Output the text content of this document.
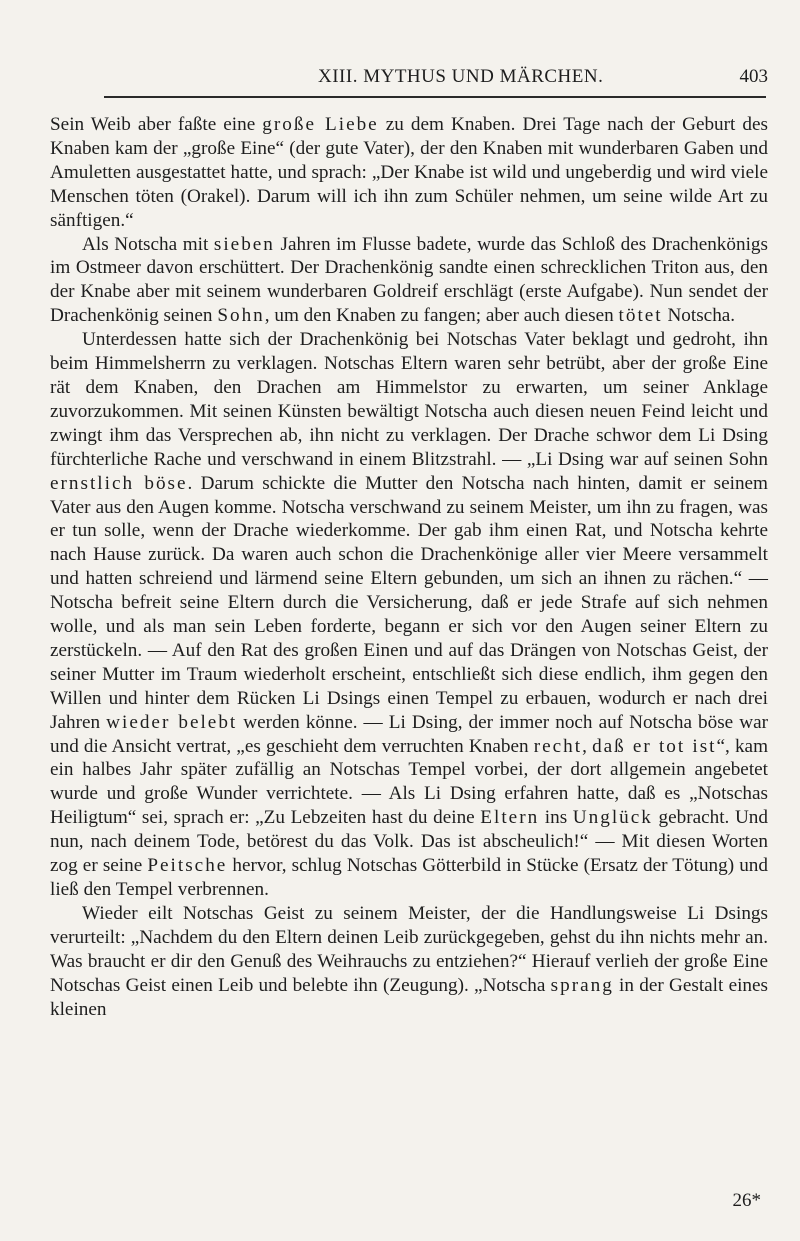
XIII. MYTHUS UND MÄRCHEN.	403

Sein Weib aber faßte eine große Liebe zu dem Knaben. Drei Tage nach der Geburt des Knaben kam der „große Eine“ (der gute Vater), der den Knaben mit wunderbaren Gaben und Amuletten ausgestattet hatte, und sprach: „Der Knabe ist wild und ungeberdig und wird viele Menschen töten (Orakel). Darum will ich ihn zum Schüler nehmen, um seine wilde Art zu sänftigen.“

Als Notscha mit sieben Jahren im Flusse badete, wurde das Schloß des Drachenkönigs im Ostmeer davon erschüttert. Der Drachenkönig sandte einen schrecklichen Triton aus, den der Knabe aber mit seinem wunderbaren Goldreif erschlägt (erste Aufgabe). Nun sendet der Drachenkönig seinen Sohn, um den Knaben zu fangen; aber auch diesen tötet Notscha.

Unterdessen hatte sich der Drachenkönig bei Notschas Vater beklagt und gedroht, ihn beim Himmelsherrn zu verklagen. Notschas Eltern waren sehr betrübt, aber der große Eine rät dem Knaben, den Drachen am Himmelstor zu erwarten, um seiner Anklage zuvorzukommen. Mit seinen Künsten bewältigt Notscha auch diesen neuen Feind leicht und zwingt ihm das Versprechen ab, ihn nicht zu verklagen. Der Drache schwor dem Li Dsing fürchterliche Rache und verschwand in einem Blitzstrahl. — „Li Dsing war auf seinen Sohn ernstlich böse. Darum schickte die Mutter den Notscha nach hinten, damit er seinem Vater aus den Augen komme. Notscha verschwand zu seinem Meister, um ihn zu fragen, was er tun solle, wenn der Drache wiederkomme. Der gab ihm einen Rat, und Notscha kehrte nach Hause zurück. Da waren auch schon die Drachenkönige aller vier Meere versammelt und hatten schreiend und lärmend seine Eltern gebunden, um sich an ihnen zu rächen.“ — Notscha befreit seine Eltern durch die Versicherung, daß er jede Strafe auf sich nehmen wolle, und als man sein Leben forderte, begann er sich vor den Augen seiner Eltern zu zerstückeln. — Auf den Rat des großen Einen und auf das Drängen von Notschas Geist, der seiner Mutter im Traum wiederholt erscheint, entschließt sich diese endlich, ihm gegen den Willen und hinter dem Rücken Li Dsings einen Tempel zu erbauen, wodurch er nach drei Jahren wieder belebt werden könne. — Li Dsing, der immer noch auf Notscha böse war und die Ansicht vertrat, „es geschieht dem verruchten Knaben recht, daß er tot ist“, kam ein halbes Jahr später zufällig an Notschas Tempel vorbei, der dort allgemein angebetet wurde und große Wunder verrichtete. — Als Li Dsing erfahren hatte, daß es „Notschas Heiligtum“ sei, sprach er: „Zu Lebzeiten hast du deine Eltern ins Unglück gebracht. Und nun, nach deinem Tode, betörest du das Volk. Das ist abscheulich!“ — Mit diesen Worten zog er seine Peitsche hervor, schlug Notschas Götterbild in Stücke (Ersatz der Tötung) und ließ den Tempel verbrennen.

Wieder eilt Notschas Geist zu seinem Meister, der die Handlungsweise Li Dsings verurteilt: „Nachdem du den Eltern deinen Leib zurückgegeben, gehst du ihn nichts mehr an. Was braucht er dir den Genuß des Weihrauchs zu entziehen?“ Hierauf verlieh der große Eine Notschas Geist einen Leib und belebte ihn (Zeugung). „Notscha sprang in der Gestalt eines kleinen

26*
